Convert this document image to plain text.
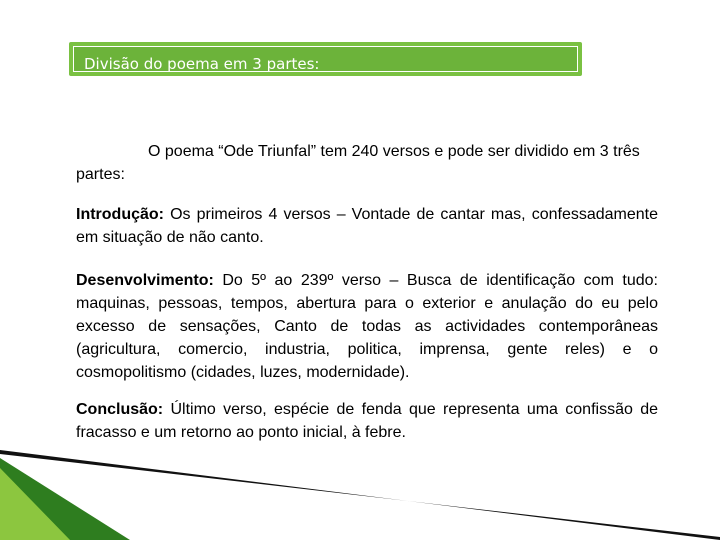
Divisão do poema em 3 partes:
O poema “Ode Triunfal” tem 240 versos e pode ser dividido em 3 três partes:
Introdução: Os primeiros 4 versos – Vontade de cantar mas, confessadamente em situação de não canto.
Desenvolvimento: Do 5º ao 239º verso – Busca de identificação com tudo: maquinas, pessoas, tempos, abertura para o exterior e anulação do eu pelo excesso de sensações, Canto de todas as actividades contemporâneas (agricultura, comercio, industria, politica, imprensa, gente reles) e o cosmopolitismo (cidades, luzes, modernidade).
Conclusão: Último verso, espécie de fenda que representa uma confissão de fracasso e um retorno ao ponto inicial, à febre.
